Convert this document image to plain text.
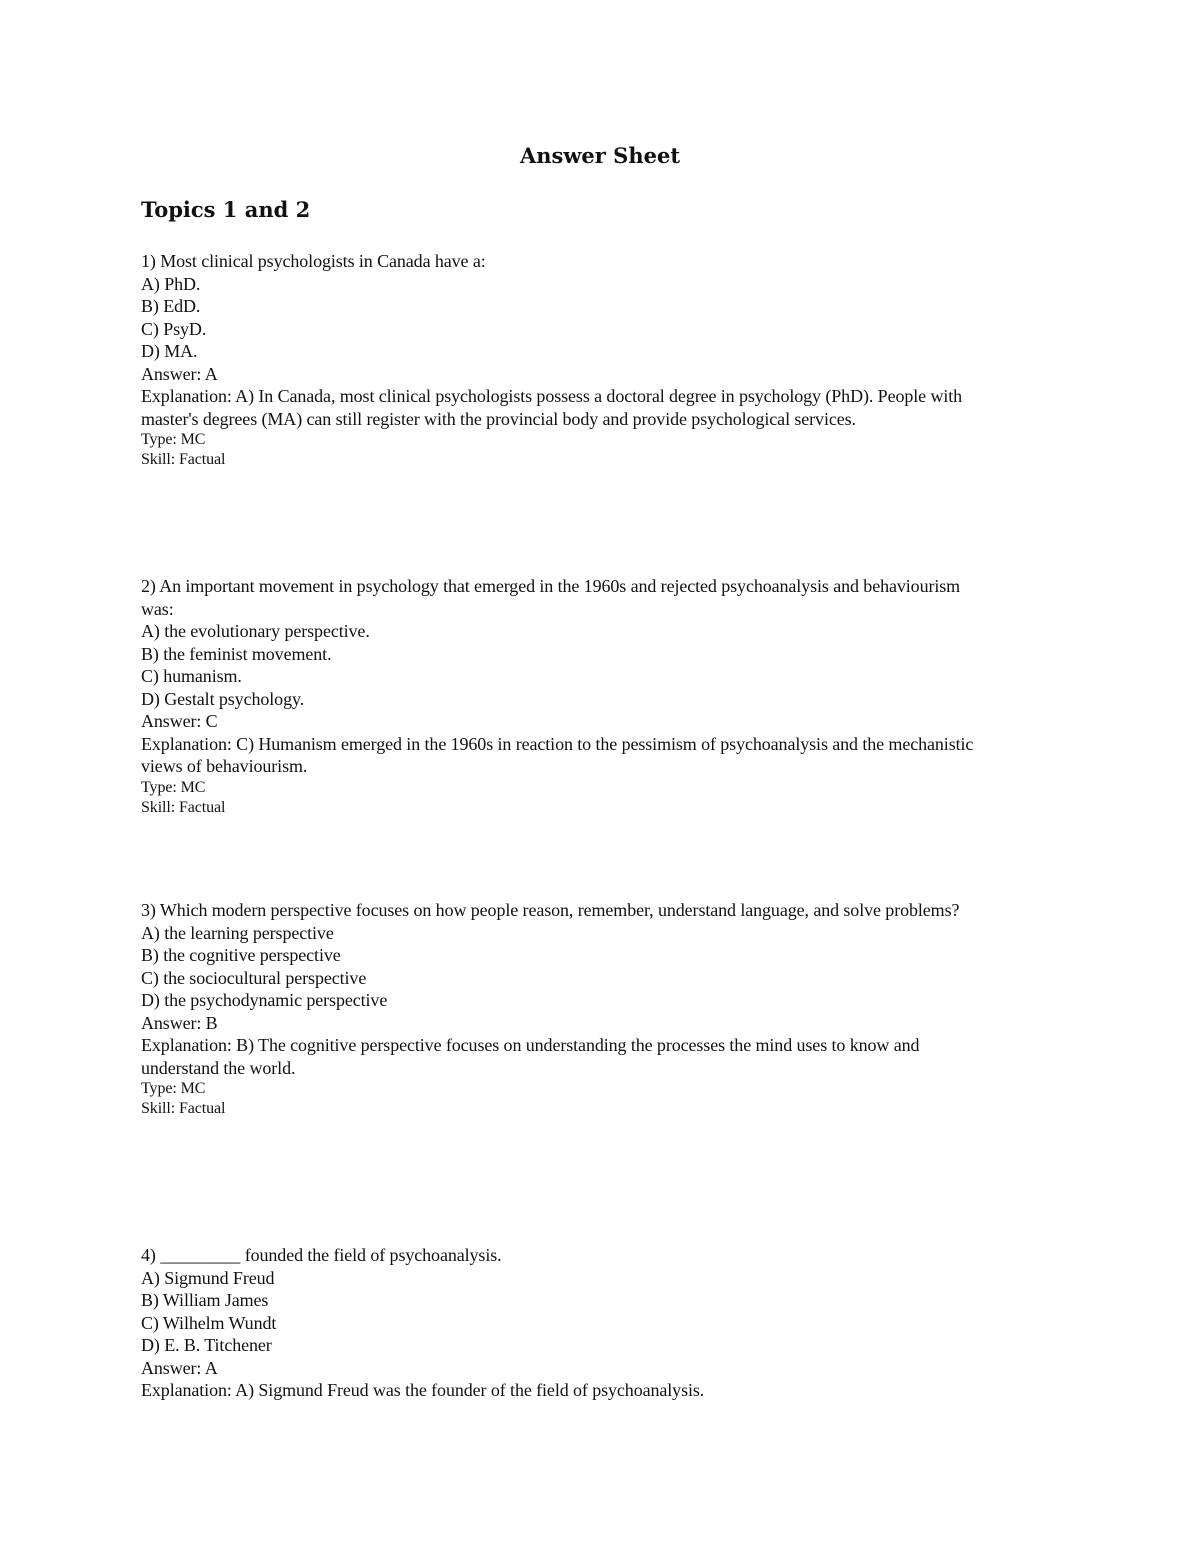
Answer Sheet
Topics 1 and 2
1) Most clinical psychologists in Canada have a:
A) PhD.
B) EdD.
C) PsyD.
D) MA.
Answer: A
Explanation: A) In Canada, most clinical psychologists possess a doctoral degree in psychology (PhD). People with master's degrees (MA) can still register with the provincial body and provide psychological services.
Type: MC
Skill: Factual
2) An important movement in psychology that emerged in the 1960s and rejected psychoanalysis and behaviourism was:
A) the evolutionary perspective.
B) the feminist movement.
C) humanism.
D) Gestalt psychology.
Answer: C
Explanation: C) Humanism emerged in the 1960s in reaction to the pessimism of psychoanalysis and the mechanistic views of behaviourism.
Type: MC
Skill: Factual
3) Which modern perspective focuses on how people reason, remember, understand language, and solve problems?
A) the learning perspective
B) the cognitive perspective
C) the sociocultural perspective
D) the psychodynamic perspective
Answer: B
Explanation: B) The cognitive perspective focuses on understanding the processes the mind uses to know and understand the world.
Type: MC
Skill: Factual
4) _________ founded the field of psychoanalysis.
A) Sigmund Freud
B) William James
C) Wilhelm Wundt
D) E. B. Titchener
Answer: A
Explanation: A) Sigmund Freud was the founder of the field of psychoanalysis.
